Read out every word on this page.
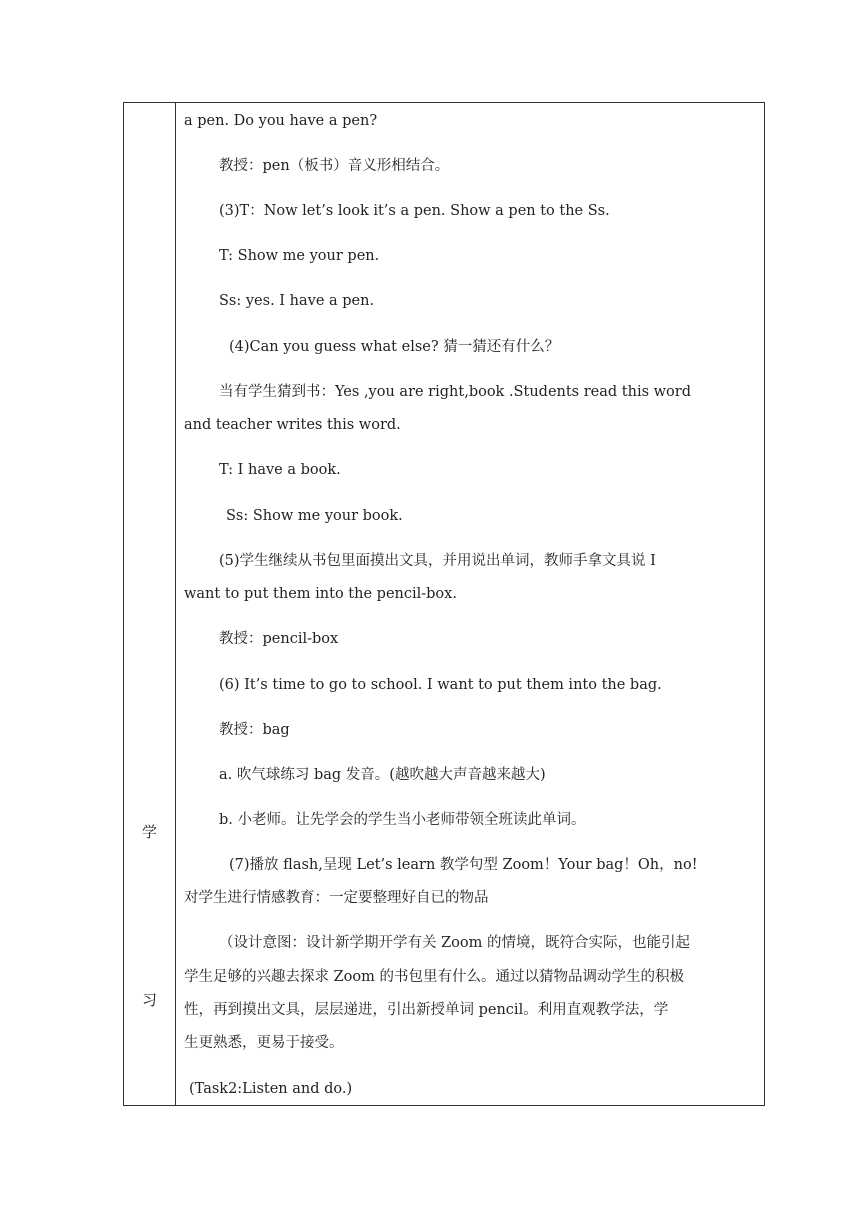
学
习
a pen. Do you have a pen?
教授：pen（板书）音义形相结合。
(3)T：Now let’s look it’s a pen. Show a pen to the Ss.
T: Show me your pen.
Ss: yes. I have a pen.
(4)Can you guess what else? 猜一猜还有什么？
当有学生猜到书：Yes ,you are right,book .Students read this word
and teacher writes this word.
T: I have a book.
Ss: Show me your book.
(5)学生继续从书包里面摸出文具，并用说出单词，教师手拿文具说 I
want to put them into the pencil-box.
教授：pencil-box
(6) It’s time to go to school. I want to put them into the bag.
教授：bag
a. 吹气球练习 bag 发音。(越吹越大声音越来越大)
b. 小老师。让先学会的学生当小老师带领全班读此单词。
(7)播放 flash,呈现 Let’s learn 教学句型 Zoom！Your bag！Oh，no!
对学生进行情感教育：一定要整理好自已的物品
（设计意图：设计新学期开学有关 Zoom 的情境，既符合实际，也能引起
学生足够的兴趣去探求 Zoom 的书包里有什么。通过以猜物品调动学生的积极
性，再到摸出文具，层层递进，引出新授单词 pencil。利用直观教学法，学
生更熟悉，更易于接受。
(Task2:Listen and do.)
